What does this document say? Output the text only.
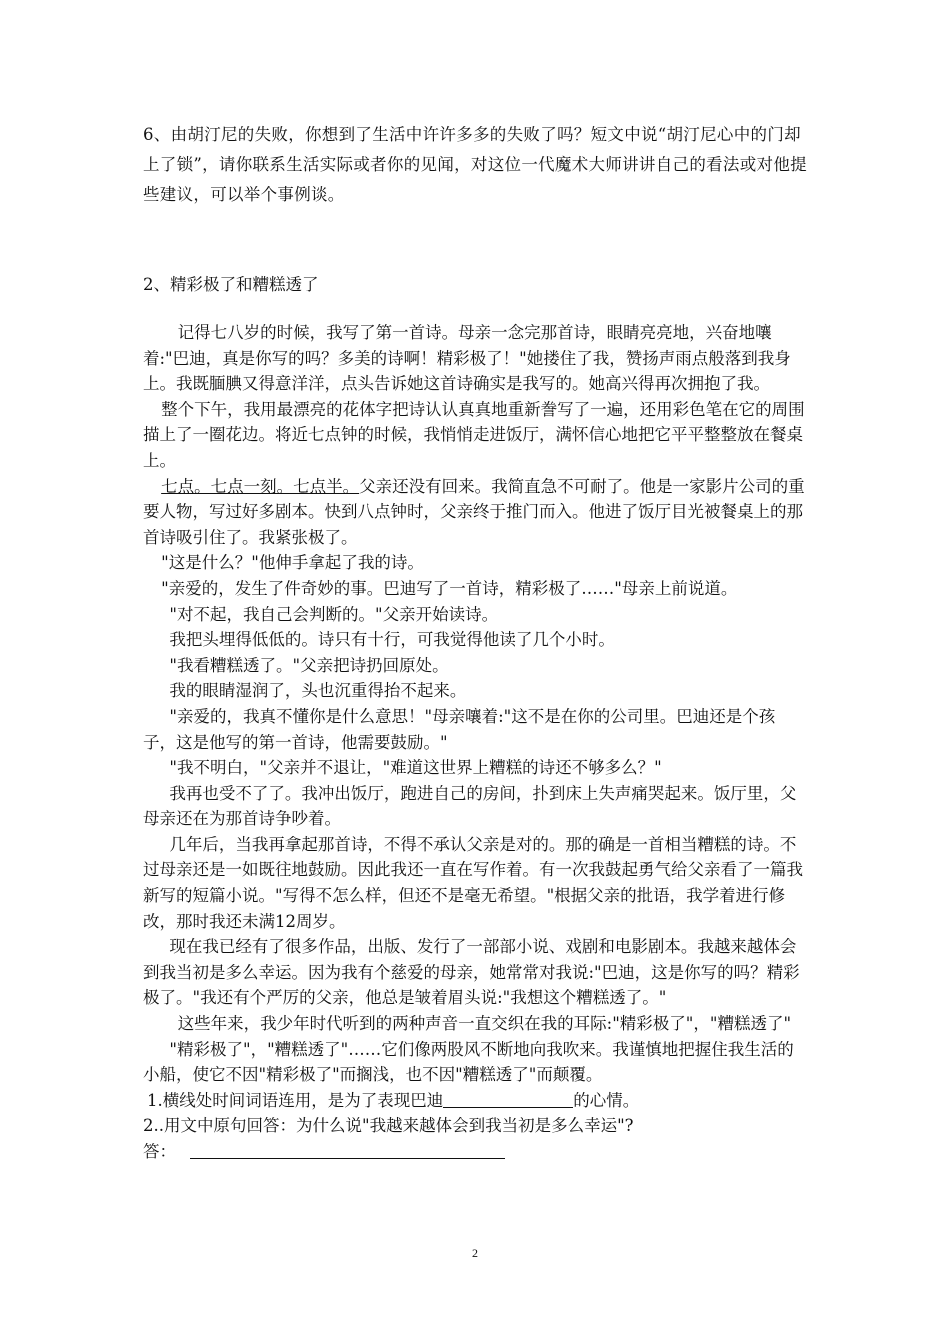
6、由胡汀尼的失败，你想到了生活中许许多多的失败了吗？短文中说“胡汀尼心中的门却上了锁”，请你联系生活实际或者你的见闻，对这位一代魔术大师讲讲自己的看法或对他提些建议，可以举个事例谈。
2、精彩极了和糟糕透了

记得七八岁的时候，我写了第一首诗。母亲一念完那首诗，眼睛亮亮地，兴奋地嚷着:"巴迪，真是你写的吗？多美的诗啊！精彩极了！"她搂住了我，赞扬声雨点般落到我身上。我既腼腆又得意洋洋，点头告诉她这首诗确实是我写的。她高兴得再次拥抱了我。

整个下午，我用最漂亮的花体字把诗认认真真地重新誊写了一遍，还用彩色笔在它的周围描上了一圈花边。将近七点钟的时候，我悄悄走进饭厅，满怀信心地把它平平整整放在餐桌上。

七点。七点一刻。七点半。父亲还没有回来。我简直急不可耐了。他是一家影片公司的重要人物，写过好多剧本。快到八点钟时，父亲终于推门而入。他进了饭厅目光被餐桌上的那首诗吸引住了。我紧张极了。

"这是什么？"他伸手拿起了我的诗。

"亲爱的，发生了件奇妙的事。巴迪写了一首诗，精彩极了……"母亲上前说道。

"对不起，我自己会判断的。"父亲开始读诗。

我把头埋得低低的。诗只有十行，可我觉得他读了几个小时。

"我看糟糕透了。"父亲把诗扔回原处。

我的眼睛湿润了，头也沉重得抬不起来。

"亲爱的，我真不懂你是什么意思！"母亲嚷着:"这不是在你的公司里。巴迪还是个孩子，这是他写的第一首诗，他需要鼓励。"

"我不明白，"父亲并不退让，"难道这世界上糟糕的诗还不够多么？"

我再也受不了了。我冲出饭厅，跑进自己的房间，扑到床上失声痛哭起来。饭厅里，父母亲还在为那首诗争吵着。

几年后，当我再拿起那首诗，不得不承认父亲是对的。那的确是一首相当糟糕的诗。不过母亲还是一如既往地鼓励。因此我还一直在写作着。有一次我鼓起勇气给父亲看了一篇我新写的短篇小说。"写得不怎么样，但还不是毫无希望。"根据父亲的批语，我学着进行修改，那时我还未满12周岁。

现在我已经有了很多作品，出版、发行了一部部小说、戏剧和电影剧本。我越来越体会到我当初是多么幸运。因为我有个慈爱的母亲，她常常对我说:"巴迪，这是你写的吗？精彩极了。"我还有个严厉的父亲，他总是皱着眉头说:"我想这个糟糕透了。"

这些年来，我少年时代听到的两种声音一直交织在我的耳际:"精彩极了"，"糟糕透了"

"精彩极了"，"糟糕透了"……它们像两股风不断地向我吹来。我谨慎地把握住我生活的小船，使它不因"精彩极了"而搁浅，也不因"糟糕透了"而颠覆。

1.横线处时间词语连用，是为了表现巴迪	的心情。

2..用文中原句回答：为什么说"我越来越体会到我当初是多么幸运"?

答：

2
